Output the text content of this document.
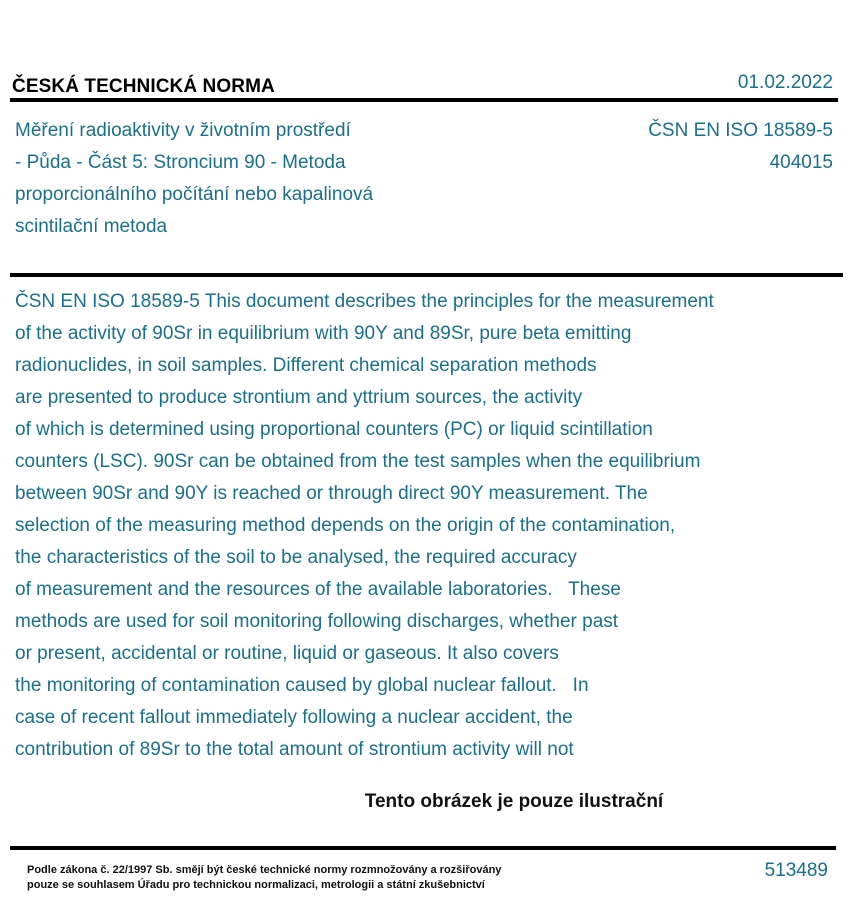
ČESKÁ TECHNICKÁ NORMA	01.02.2022
Měření radioaktivity v životním prostředí
- Půda - Část 5: Stroncium 90 - Metoda
proporcionálního počítání nebo kapalinová
scintilační metoda
ČSN EN ISO 18589-5
404015
ČSN EN ISO 18589-5 This document describes the principles for the measurement
of the activity of 90Sr in equilibrium with 90Y and 89Sr, pure beta emitting
radionuclides, in soil samples. Different chemical separation methods
are presented to produce strontium and yttrium sources, the activity
of which is determined using proportional counters (PC) or liquid scintillation
counters (LSC). 90Sr can be obtained from the test samples when the equilibrium
between 90Sr and 90Y is reached or through direct 90Y measurement. The
selection of the measuring method depends on the origin of the contamination,
the characteristics of the soil to be analysed, the required accuracy
of measurement and the resources of the available laboratories.   These
methods are used for soil monitoring following discharges, whether past
or present, accidental or routine, liquid or gaseous. It also covers
the monitoring of contamination caused by global nuclear fallout.   In
case of recent fallout immediately following a nuclear accident, the
contribution of 89Sr to the total amount of strontium activity will not
Tento obrázek je pouze ilustrační
Podle zákona č. 22/1997 Sb. smějí být české technické normy rozmnožovány a rozšiřovány
pouze se souhlasem Úřadu pro technickou normalizaci, metrologii a státní zkušebnictví
513489
